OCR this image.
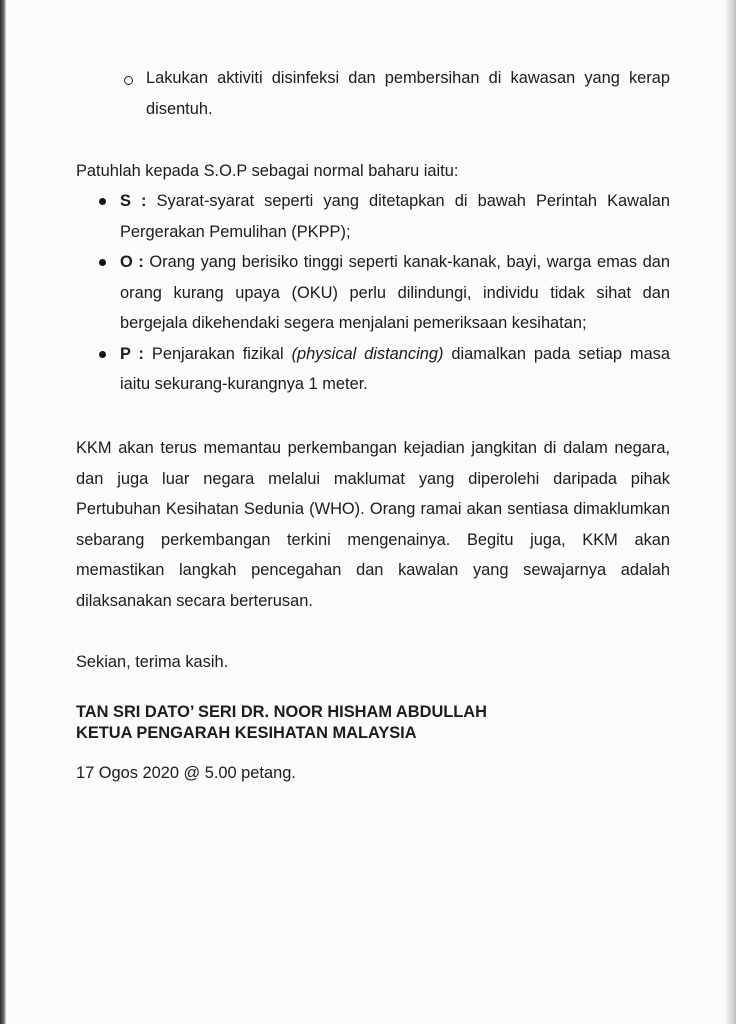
Lakukan aktiviti disinfeksi dan pembersihan di kawasan yang kerap disentuh.
Patuhlah kepada S.O.P sebagai normal baharu iaitu:
S : Syarat-syarat seperti yang ditetapkan di bawah Perintah Kawalan Pergerakan Pemulihan (PKPP);
O : Orang yang berisiko tinggi seperti kanak-kanak, bayi, warga emas dan orang kurang upaya (OKU) perlu dilindungi, individu tidak sihat dan bergejala dikehendaki segera menjalani pemeriksaan kesihatan;
P : Penjarakan fizikal (physical distancing) diamalkan pada setiap masa iaitu sekurang-kurangnya 1 meter.
KKM akan terus memantau perkembangan kejadian jangkitan di dalam negara, dan juga luar negara melalui maklumat yang diperolehi daripada pihak Pertubuhan Kesihatan Sedunia (WHO). Orang ramai akan sentiasa dimaklumkan sebarang perkembangan terkini mengenainya. Begitu juga, KKM akan memastikan langkah pencegahan dan kawalan yang sewajarnya adalah dilaksanakan secara berterusan.
Sekian, terima kasih.
TAN SRI DATO’ SERI DR. NOOR HISHAM ABDULLAH
KETUA PENGARAH KESIHATAN MALAYSIA
17 Ogos 2020 @ 5.00 petang.
